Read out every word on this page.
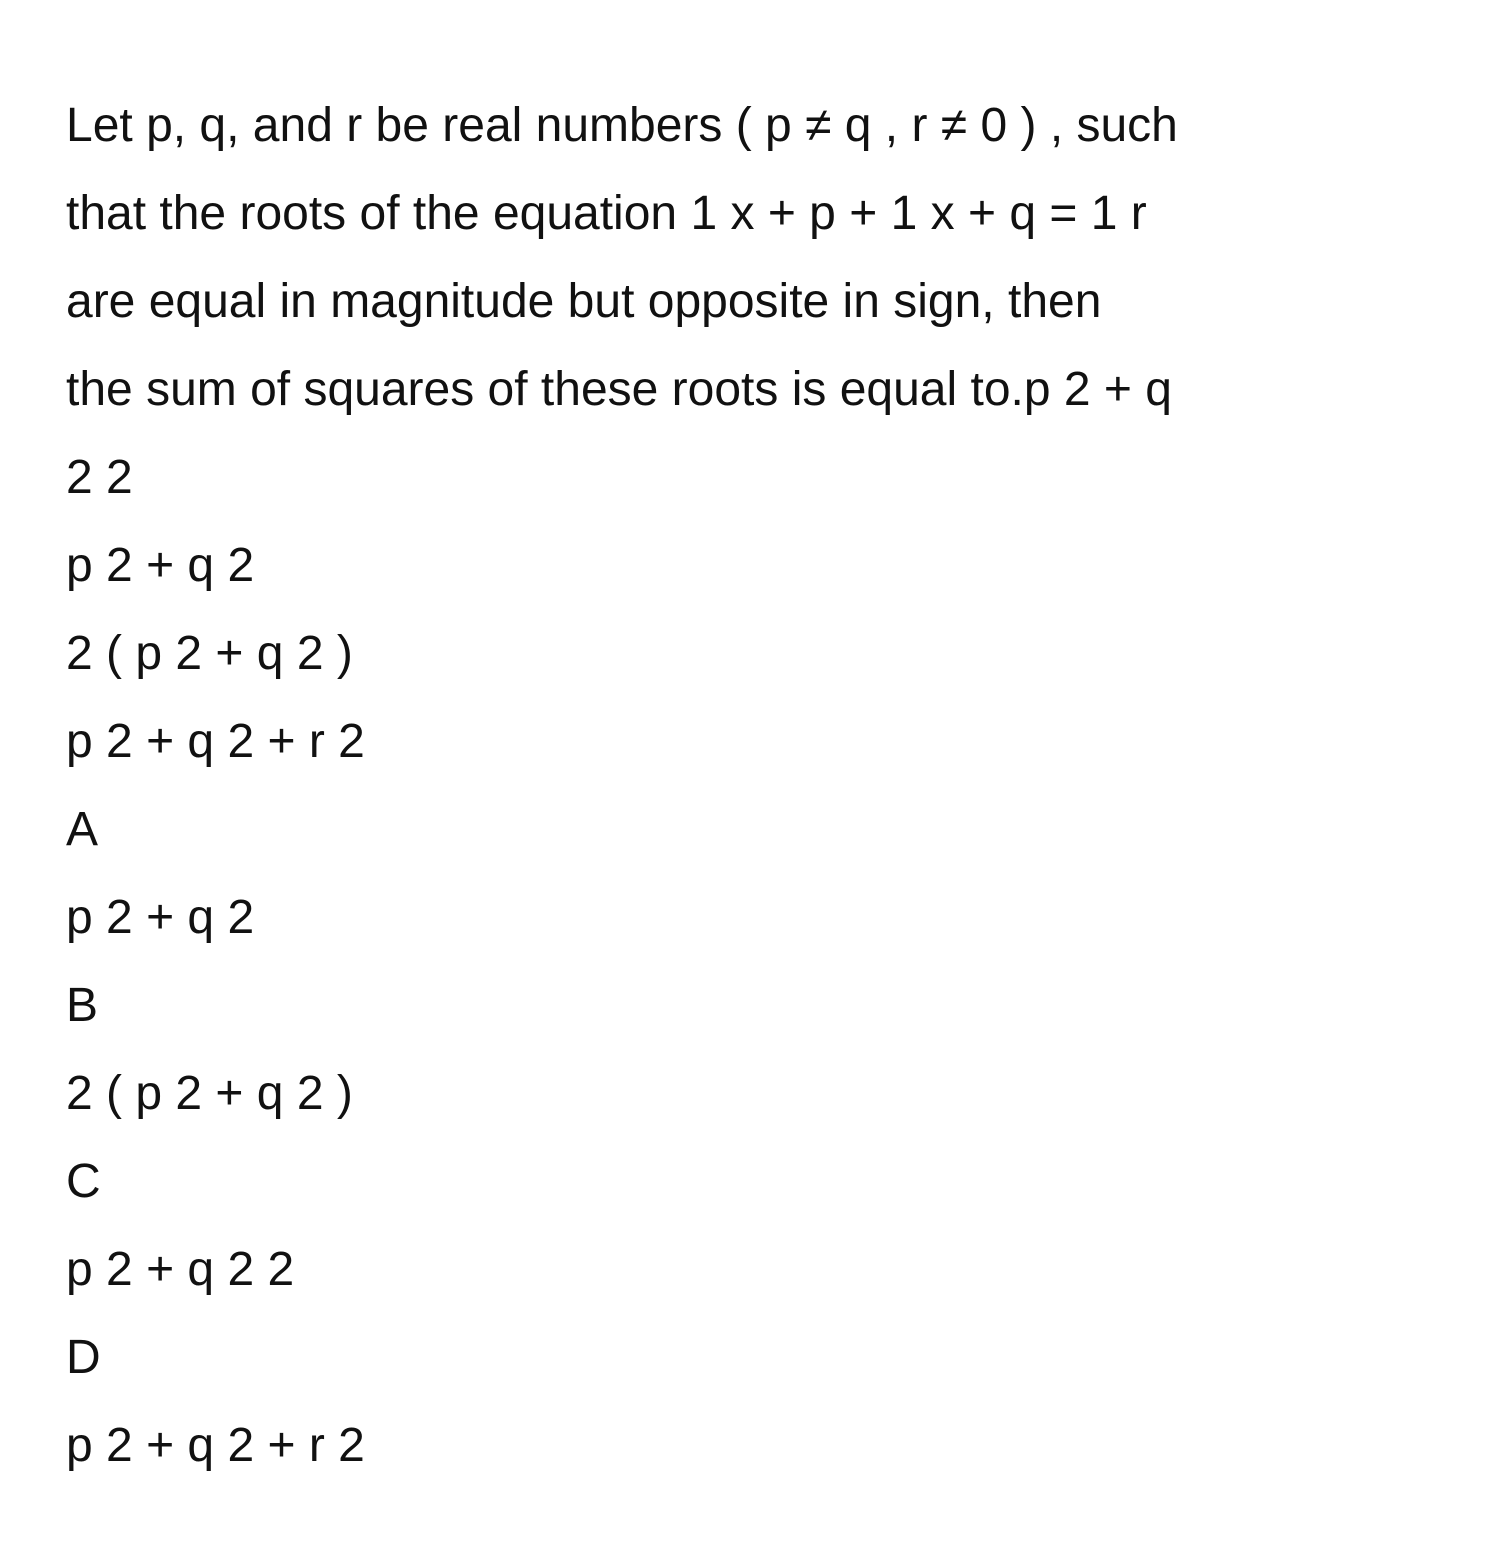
Let p, q, and r be real numbers ( p ≠ q , r ≠ 0 ) , such
that the roots of the equation 1 x + p + 1 x + q = 1 r
are equal in magnitude but opposite in sign, then
the sum of squares of these roots is equal to.p 2 + q
2 2
p 2 + q 2
2 ( p 2 + q 2 )
p 2 + q 2 + r 2
A
p 2 + q 2
B
2 ( p 2 + q 2 )
C
p 2 + q 2 2
D
p 2 + q 2 + r 2
